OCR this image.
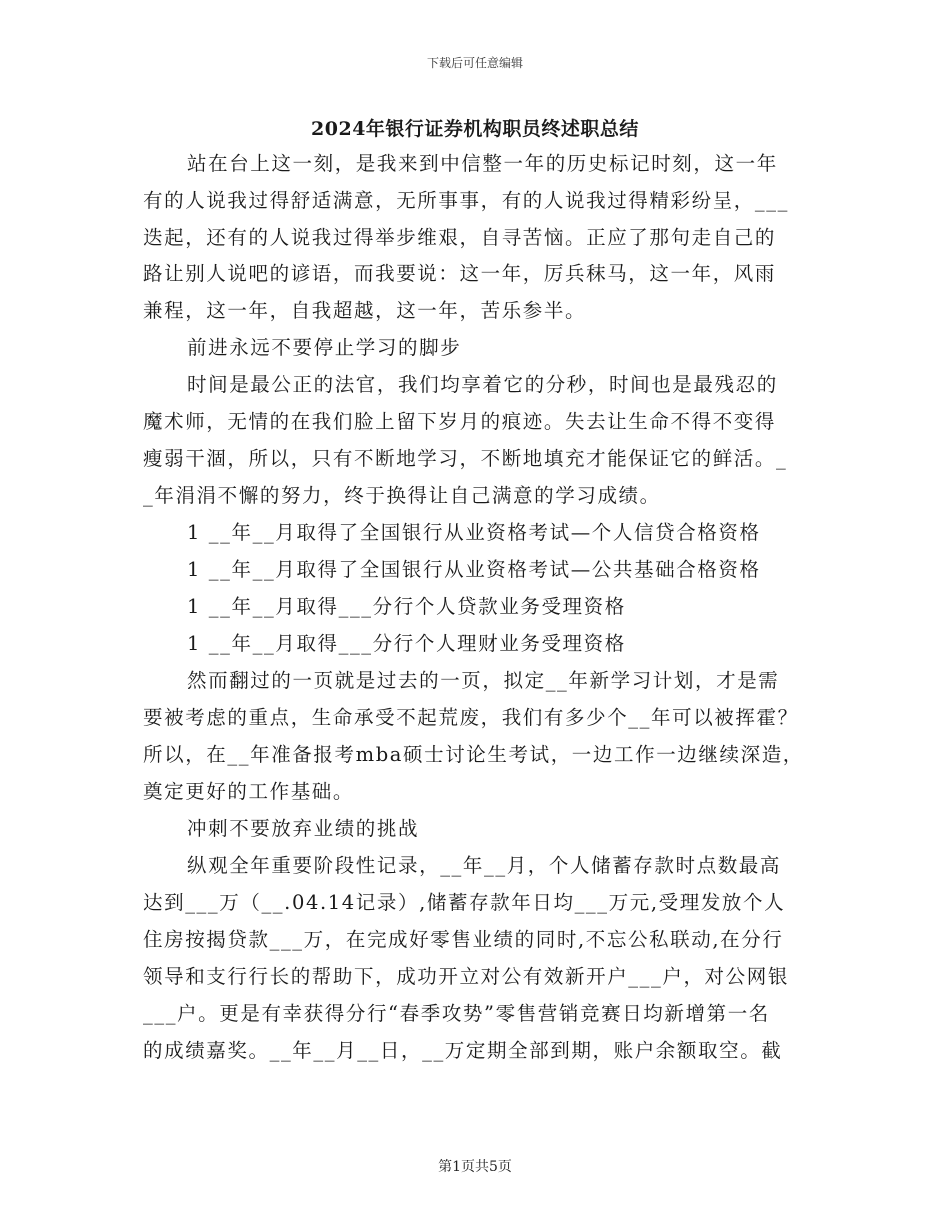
下载后可任意编辑
2024年银行证券机构职员终述职总结
站在台上这一刻，是我来到中信整一年的历史标记时刻，这一年
有的人说我过得舒适满意，无所事事，有的人说我过得精彩纷呈，___
迭起，还有的人说我过得举步维艰，自寻苦恼。正应了那句走自己的
路让别人说吧的谚语，而我要说：这一年，厉兵秣马，这一年，风雨
兼程，这一年，自我超越，这一年，苦乐参半。
前进永远不要停止学习的脚步
时间是最公正的法官，我们均享着它的分秒，时间也是最残忍的
魔术师，无情的在我们脸上留下岁月的痕迹。失去让生命不得不变得
瘦弱干涸，所以，只有不断地学习，不断地填充才能保证它的鲜活。_
_年涓涓不懈的努力，终于换得让自己满意的学习成绩。
1 __年__月取得了全国银行从业资格考试—个人信贷合格资格
1 __年__月取得了全国银行从业资格考试—公共基础合格资格
1 __年__月取得___分行个人贷款业务受理资格
1 __年__月取得___分行个人理财业务受理资格
然而翻过的一页就是过去的一页，拟定__年新学习计划，才是需
要被考虑的重点，生命承受不起荒废，我们有多少个__年可以被挥霍？
所以，在__年准备报考mba硕士讨论生考试，一边工作一边继续深造，
奠定更好的工作基础。
冲刺不要放弃业绩的挑战
纵观全年重要阶段性记录，__年__月，个人储蓄存款时点数最高
达到___万（__.04.14记录）,储蓄存款年日均___万元,受理发放个人
住房按揭贷款___万，在完成好零售业绩的同时,不忘公私联动,在分行
领导和支行行长的帮助下，成功开立对公有效新开户___户，对公网银
___户。更是有幸获得分行“春季攻势”零售营销竞赛日均新增第一名
的成绩嘉奖。__年__月__日，__万定期全部到期，账户余额取空。截
第1页共5页
